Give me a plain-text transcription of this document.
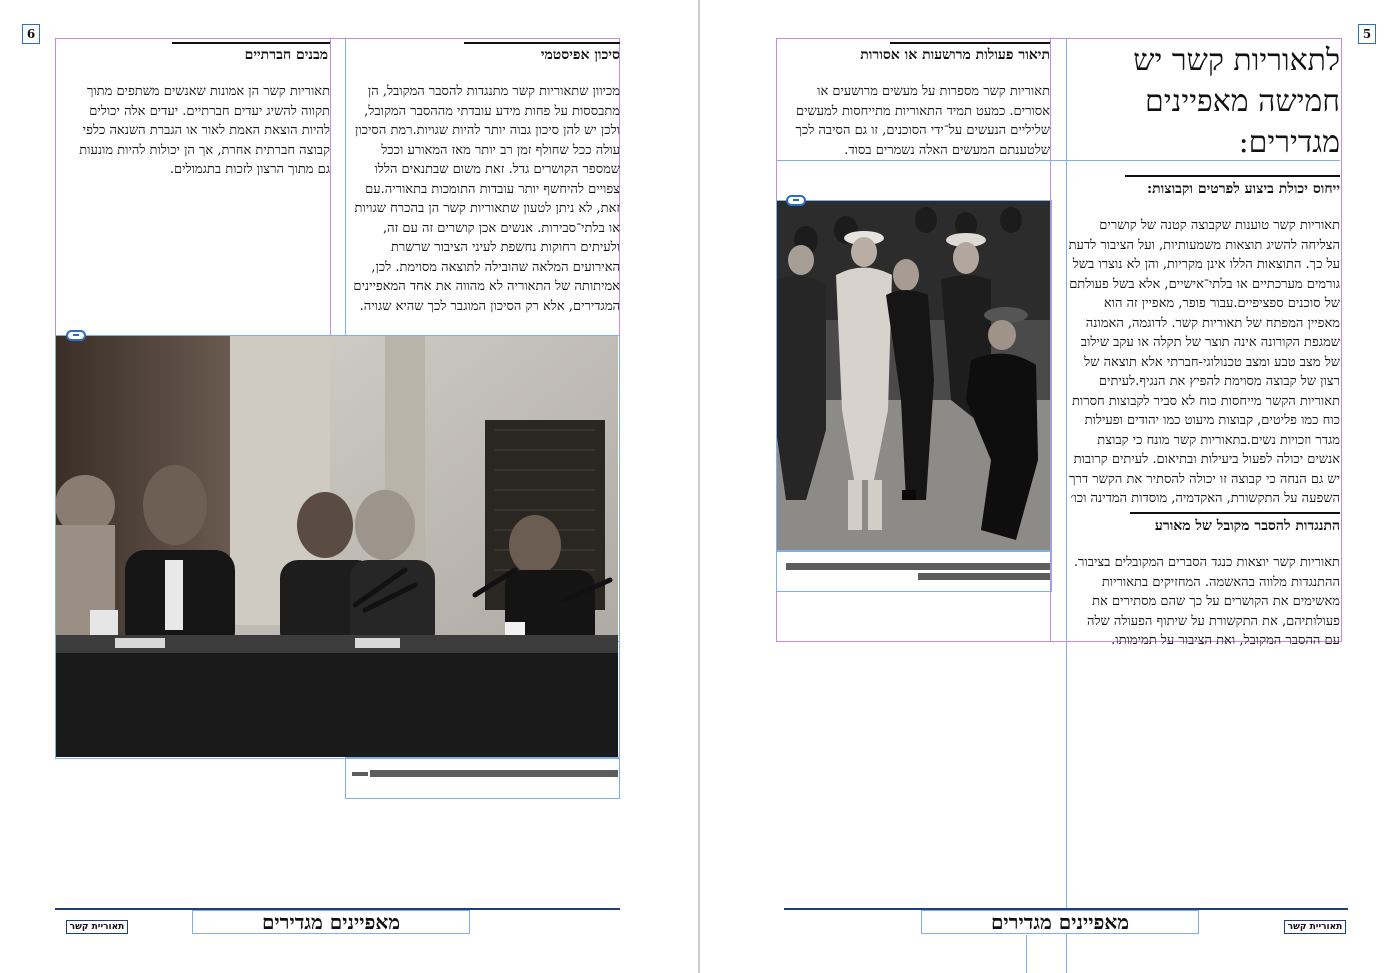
6
מבנים חברתיים

תאוריות קשר הן אמונות שאנשים משתפים מתוך תקווה להשיג יעדים חברתיים. יעדים אלה יכולים להיות הוצאת האמת לאור או הגברת השנאה כלפי קבוצה חברתית אחרת, אך הן יכולות להיות מונעות גם מתוך הרצון לזכות בתגמולים.

סיכון אפיסטמי

מכיוון שתאוריות קשר מתנגדות להסבר המקובל, הן מתבססות על פחות מידע עובדתי מההסבר המקובל, ולכן יש להן סיכון גבוה יותר להיות שגויות.רמת הסיכון עולה ככל שחולף זמן רב יותר מאז המאורע וככל שמספר הקושרים גדל. זאת משום שבתנאים הללו צפויים להיחשף יותר עובדות התומכות בתאוריה.עם זאת, לא ניתן לטעון שתאוריות קשר הן בהכרח שגויות או בלתי־סבירות. אנשים אכן קושרים זה עם זה, ולעיתים רחוקות נחשפת לעיני הציבור שרשרת האירועים המלאה שהובילה לתוצאה מסוימת. לכן, אמיתותה של התאוריה לא מהווה את אחד המאפיינים המגדירים, אלא רק הסיכון המוגבר לכך שהיא שגויה.

מאפיינים מגדירים
תאוריית קשר
5
לתאוריות קשר יש חמישה מאפיינים מגדירים:
תיאור פעולות מרושעות או אסורות

תאוריות קשר מספרות על מעשים מרושעים או אסורים. כמעט תמיד התאוריות מתייחסות למעשים שליליים הנעשים על־ידי הסוכנים, זו גם הסיבה לכך שלטענתם המעשים האלה נשמרים בסוד.

ייחוס יכולת ביצוע לפרטים וקבוצות:

תאוריות קשר טוענות שקבוצה קטנה של קושרים הצליחה להשיג תוצאות משמעותיות, ועל הציבור לדעת על כך. התוצאות הללו אינן מקריות, והן לא נוצרו בשל גורמים מערכתיים או בלתי־אישיים, אלא בשל פעולתם של סוכנים ספציפיים.עבור פופר, מאפיין זה הוא מאפיין המפתח של תאוריות קשר. לדוגמה, האמונה שמגפת הקורונה אינה תוצר של תקלה או עקב שילוב של מצב טבע ומצב טכנולוגי-חברתי אלא תוצאה של רצון של קבוצה מסוימת להפיץ את הנגיף.לעיתים תאוריות הקשר מייחסות כוח לא סביר לקבוצות חסרות כוח כמו פליטים, קבוצות מיעוט כמו יהודים ופעילות מגדר וזכויות נשים.בתאוריות קשר מונח כי קבוצת אנשים יכולה לפעול ביעילות ובתיאום. לעיתים קרובות יש גם הנחה כי קבוצה זו יכולה להסתיר את הקשר דרך השפעה על התקשורת, האקדמיה, מוסדות המדינה וכו׳

התנגדות להסבר מקובל של מאורע

תאוריות קשר יוצאות כנגד הסברים המקובלים בציבור. ההתנגדות מלווה בהאשמה. המחזיקים בתאוריות מאשימים את הקושרים על כך שהם מסתירים את פעולותיהם, את התקשורת על שיתוף הפעולה שלה עם ההסבר המקובל, ואת הציבור על תמימותו.

מאפיינים מגדירים	תאוריית קשר
